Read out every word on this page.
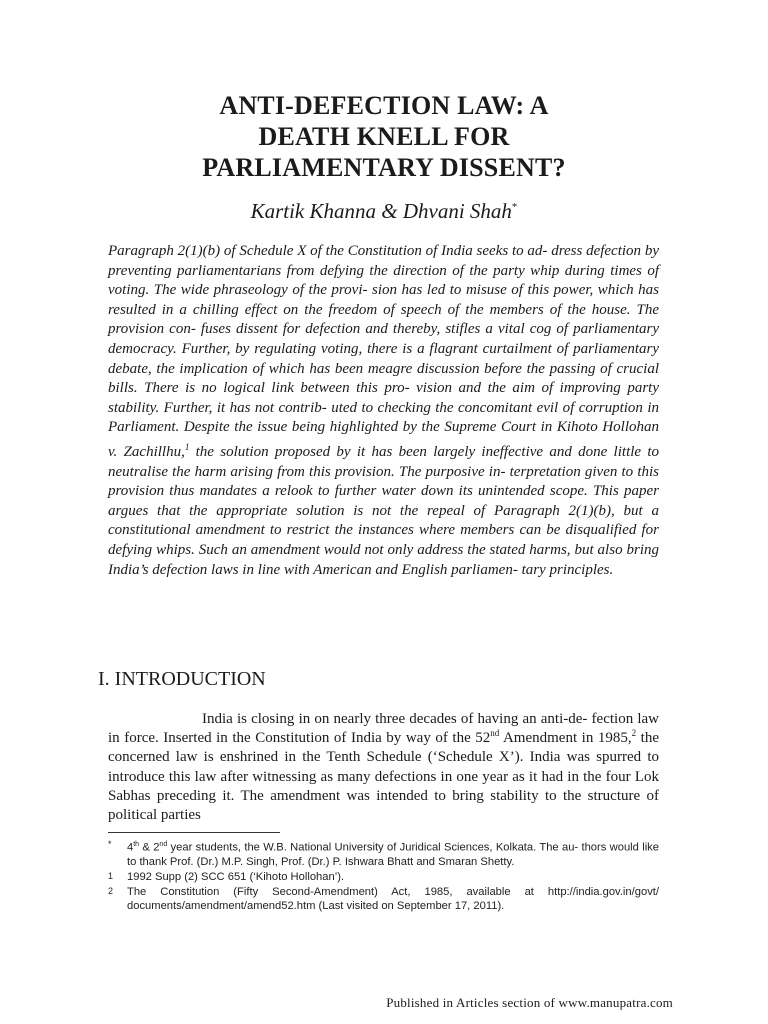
ANTI-DEFECTION LAW: A
DEATH KNELL FOR
PARLIAMENTARY DISSENT?

Kartik Khanna & Dhvani Shah*

Paragraph 2(1)(b) of Schedule X of the Constitution of India seeks to ad- dress defection by preventing parliamentarians from defying the direction of the party whip during times of voting. The wide phraseology of the provi- sion has led to misuse of this power, which has resulted in a chilling effect on the freedom of speech of the members of the house. The provision con- fuses dissent for defection and thereby, stifles a vital cog of parliamentary democracy. Further, by regulating voting, there is a flagrant curtailment of parliamentary debate, the implication of which has been meagre discussion before the passing of crucial bills. There is no logical link between this pro- vision and the aim of improving party stability. Further, it has not contrib- uted to checking the concomitant evil of corruption in Parliament. Despite the issue being highlighted by the Supreme Court in Kihoto Hollohan v. Zachillhu,$^1$ the solution proposed by it has been largely ineffective and done little to neutralise the harm arising from this provision. The purposive in- terpretation given to this provision thus mandates a relook to further water down its unintended scope. This paper argues that the appropriate solution is not the repeal of Paragraph 2(1)(b), but a constitutional amendment to restrict the instances where members can be disqualified for defying whips. Such an amendment would not only address the stated harms, but also bring India’s defection laws in line with American and English parliamen- tary principles.

I. INTRODUCTION

India is closing in on nearly three decades of having an anti-de- fection law in force. Inserted in the Constitution of India by way of the 52nd Amendment in 1985,$^2$ the concerned law is enshrined in the Tenth Schedule (‘Schedule X’). India was spurred to introduce this law after witnessing as many defections in one year as it had in the four Lok Sabhas preceding it. The amendment was intended to bring stability to the structure of political parties

* 4th & 2nd year students, the W.B. National University of Juridical Sciences, Kolkata. The au- thors would like to thank Prof. (Dr.) M.P. Singh, Prof. (Dr.) P. Ishwara Bhatt and Smaran Shetty.
1 1992 Supp (2) SCC 651 (‘Kihoto Hollohan’).
2 The Constitution (Fifty Second-Amendment) Act, 1985, available at http://india.gov.in/govt/ documents/amendment/amend52.htm (Last visited on September 17, 2011).

Published in Articles section of www.manupatra.com
